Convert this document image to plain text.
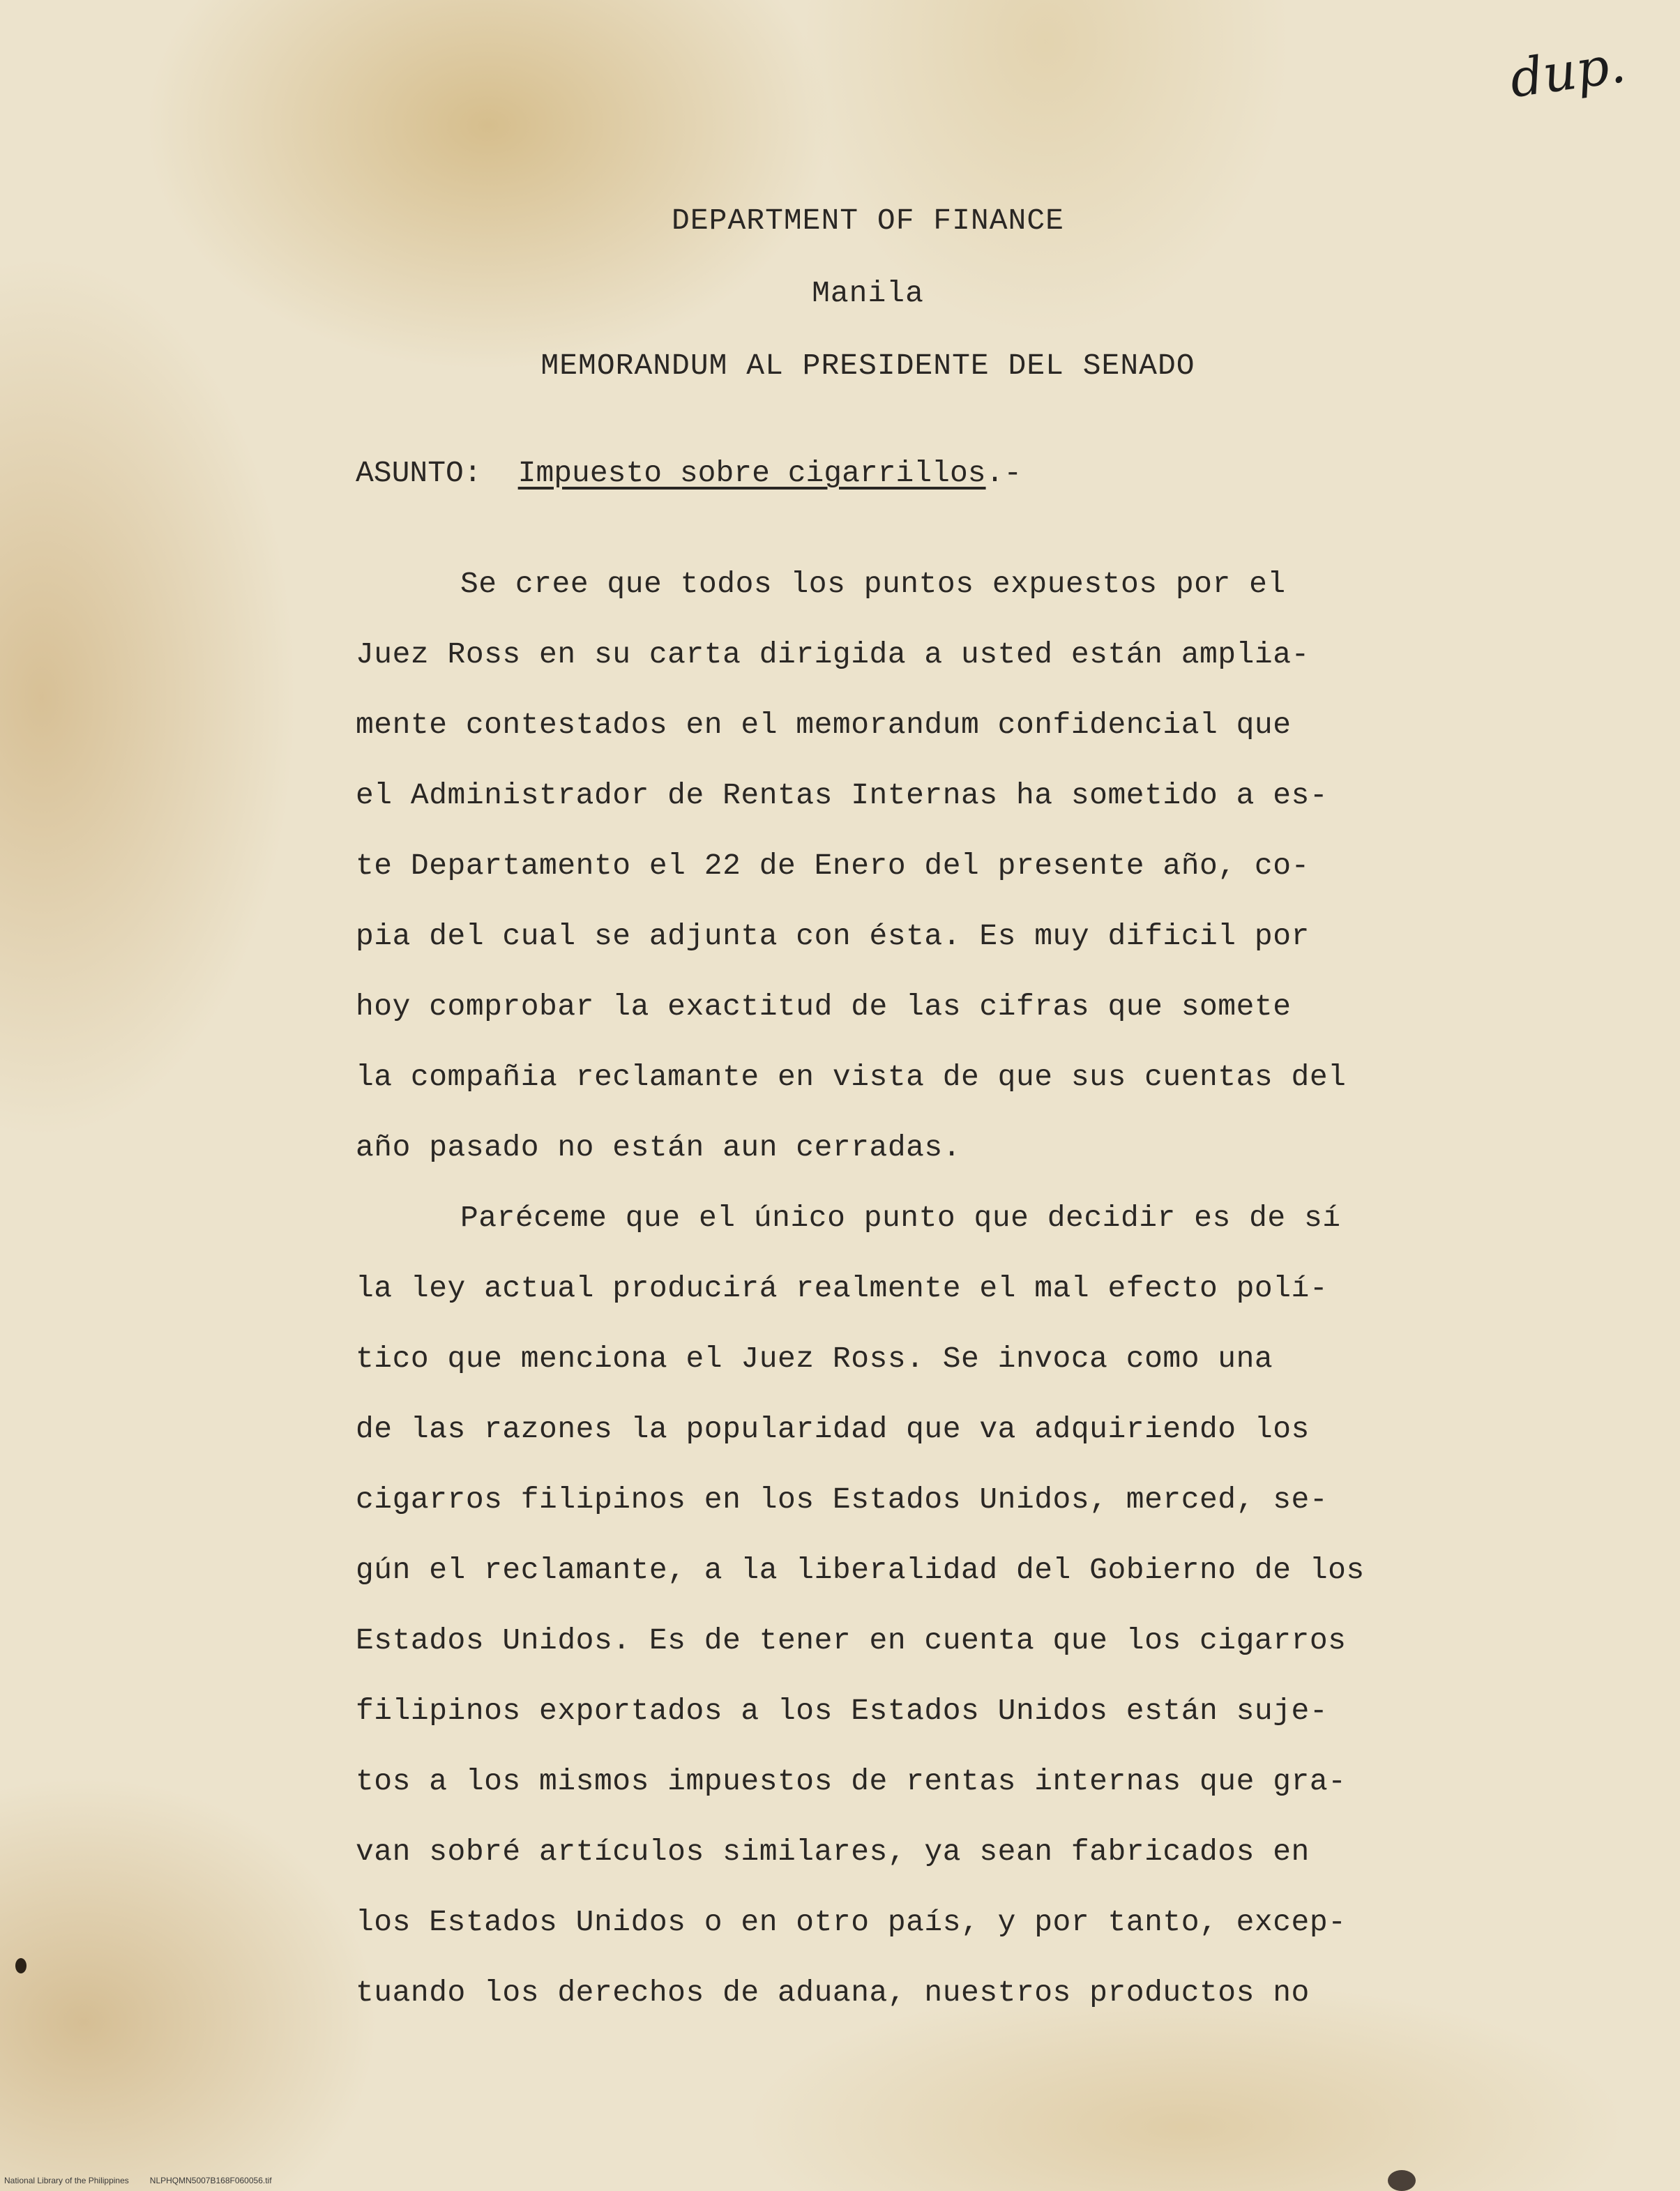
dup.
DEPARTMENT OF FINANCE
Manila
MEMORANDUM AL PRESIDENTE DEL SENADO
ASUNTO: Impuesto sobre cigarrillos.-
Se cree que todos los puntos expuestos por el
Juez Ross en su carta dirigida a usted están amplia-
mente contestados en el memorandum confidencial que
el Administrador de Rentas Internas ha sometido a es-
te Departamento el 22 de Enero del presente año, co-
pia del cual se adjunta con ésta. Es muy dificil por
hoy comprobar la exactitud de las cifras que somete
la compañia reclamante en vista de que sus cuentas del
año pasado no están aun cerradas.
Paréceme que el único punto que decidir es de sí
la ley actual producirá realmente el mal efecto polí-
tico que menciona el Juez Ross. Se invoca como una
de las razones la popularidad que va adquiriendo los
cigarros filipinos en los Estados Unidos, merced, se-
gún el reclamante, a la liberalidad del Gobierno de los
Estados Unidos. Es de tener en cuenta que los cigarros
filipinos exportados a los Estados Unidos están suje-
tos a los mismos impuestos de rentas internas que gra-
van sobré artículos similares, ya sean fabricados en
los Estados Unidos o en otro país, y por tanto, excep-
tuando los derechos de aduana, nuestros productos no
National Library of the Philippines	NLPHQMN5007B168F060056.tif
